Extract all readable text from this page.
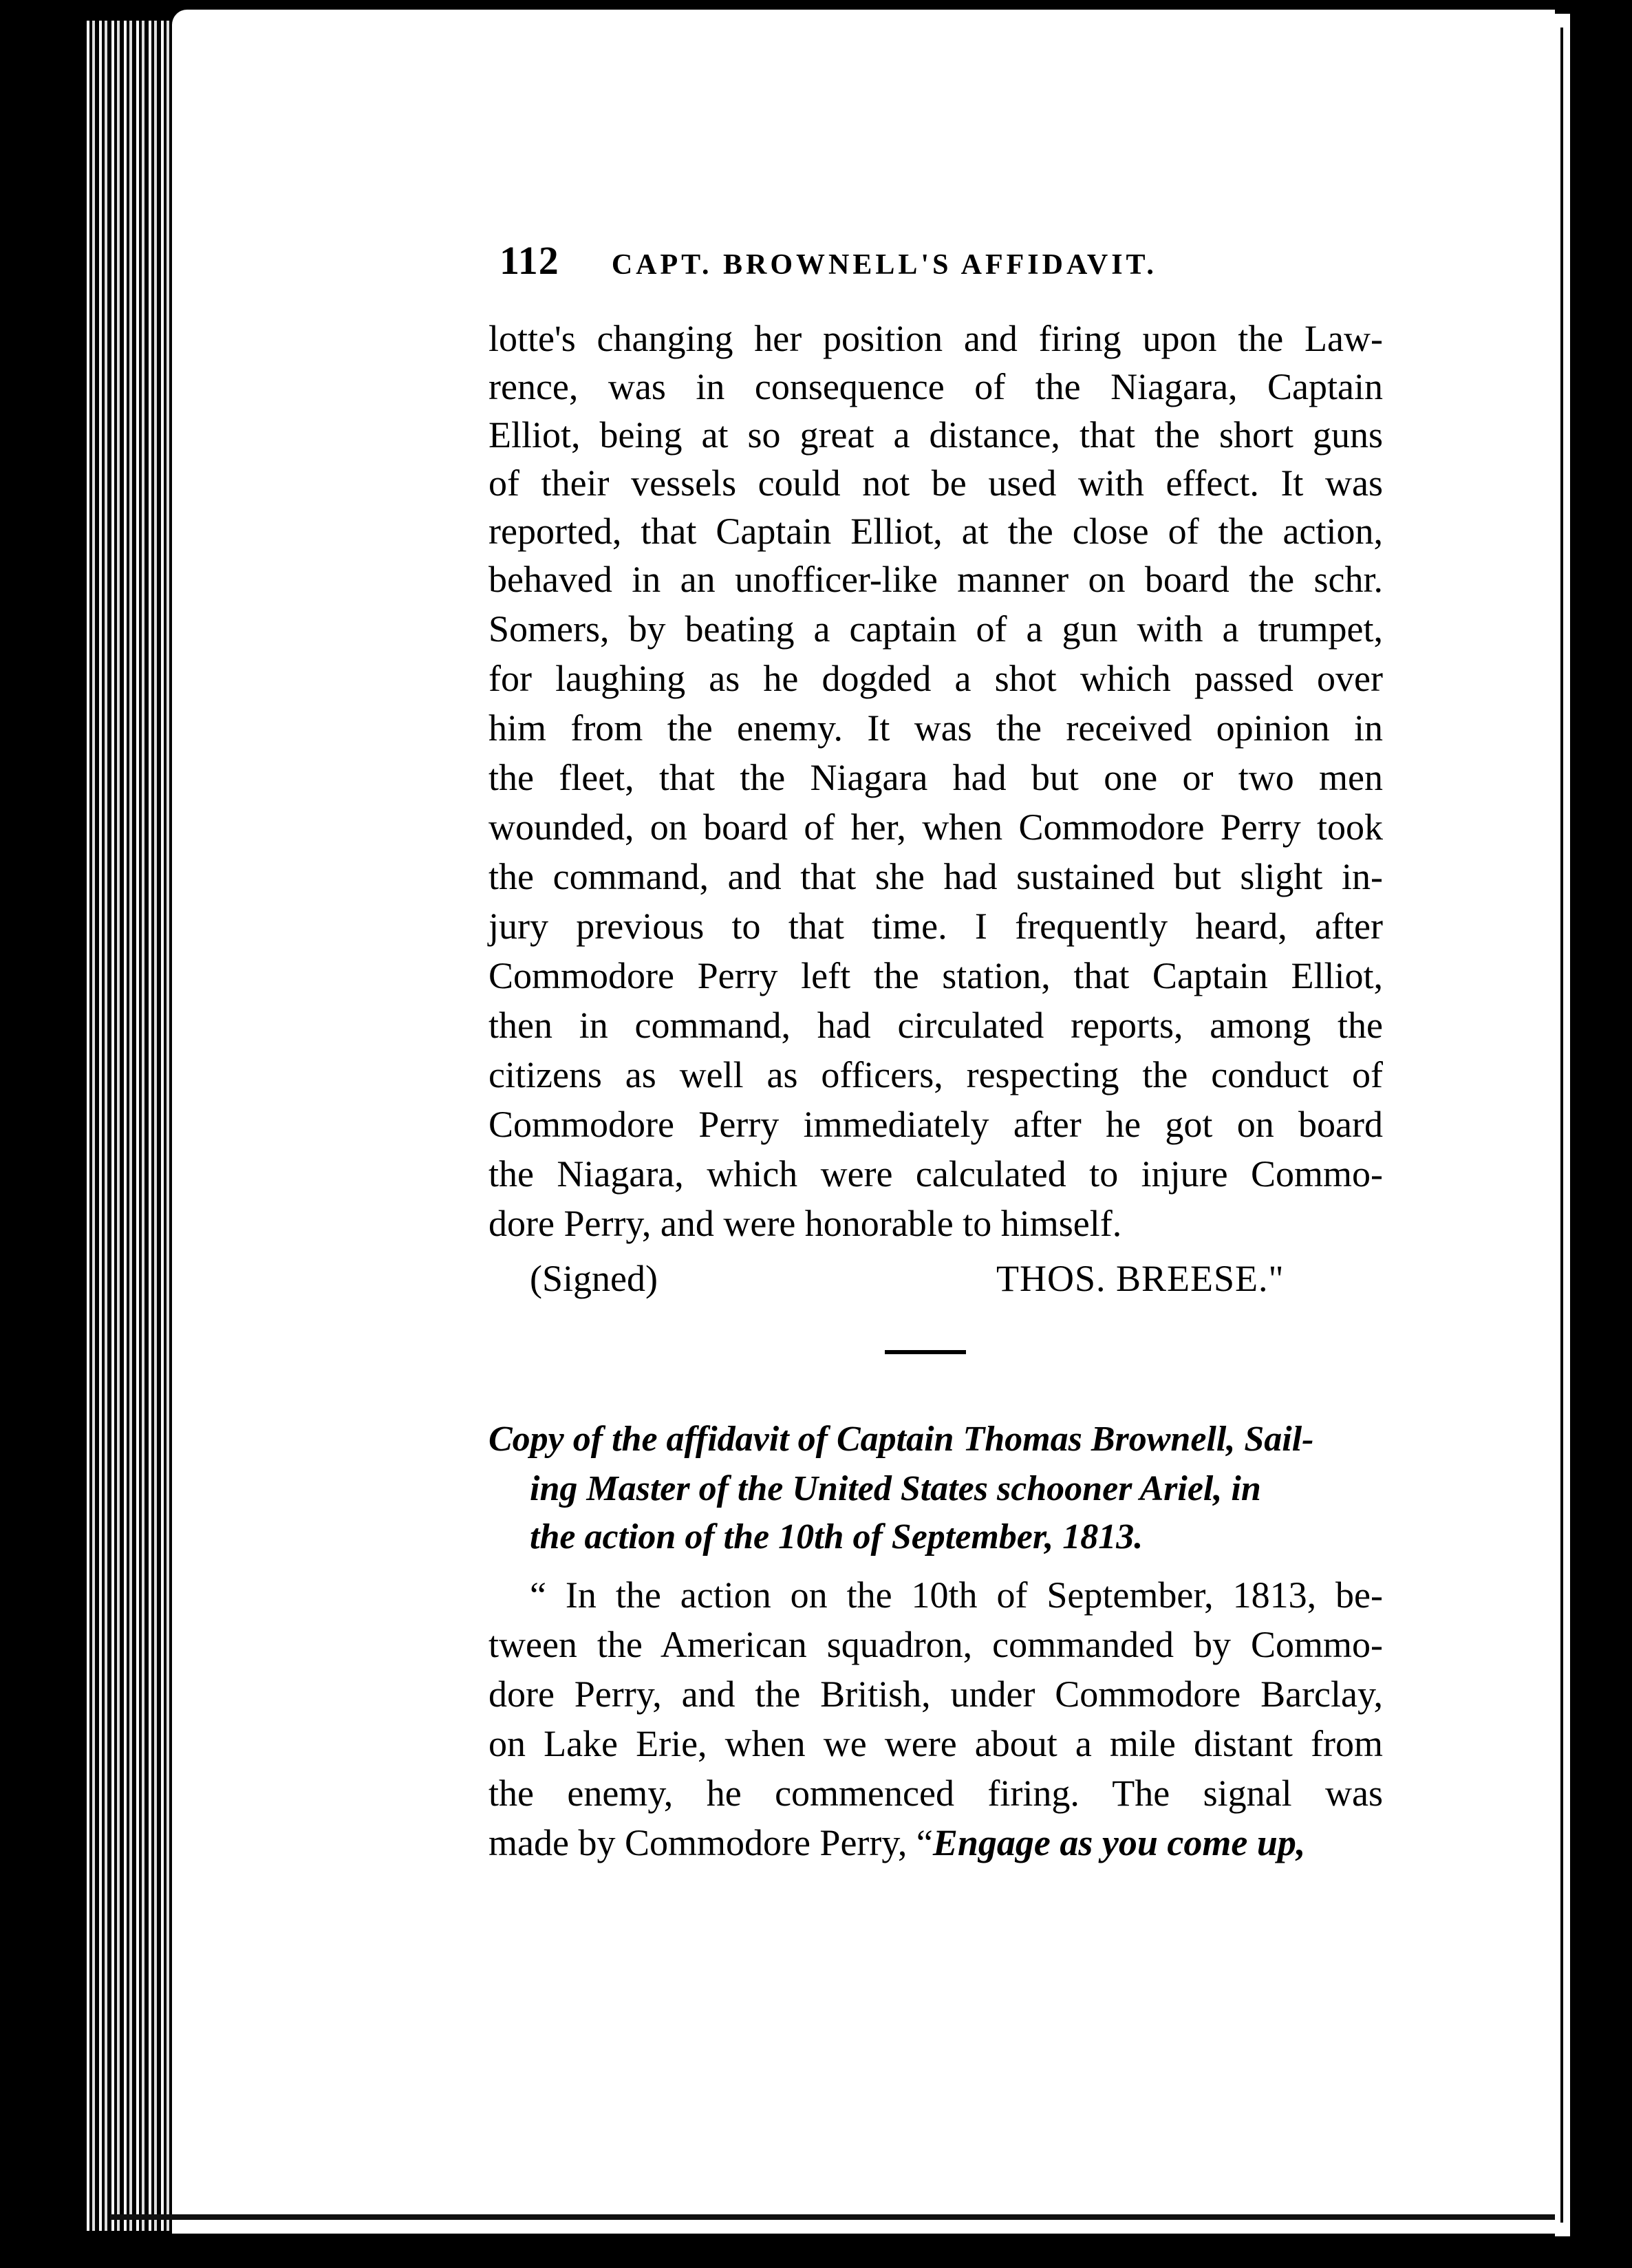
112 CAPT. BROWNELL'S AFFIDAVIT.
lotte's changing her position and firing upon the Law-
rence, was in consequence of the Niagara, Captain
Elliot, being at so great a distance, that the short guns
of their vessels could not be used with effect. It was
reported, that Captain Elliot, at the close of the action,
behaved in an unofficer-like manner on board the schr.
Somers, by beating a captain of a gun with a trumpet,
for laughing as he dogded a shot which passed over
him from the enemy. It was the received opinion in
the fleet, that the Niagara had but one or two men
wounded, on board of her, when Commodore Perry took
the command, and that she had sustained but slight in-
jury previous to that time. I frequently heard, after
Commodore Perry left the station, that Captain Elliot,
then in command, had circulated reports, among the
citizens as well as officers, respecting the conduct of
Commodore Perry immediately after he got on board
the Niagara, which were calculated to injure Commo-
dore Perry, and were honorable to himself.
(Signed)	THOS. BREESE."
Copy of the affidavit of Captain Thomas Brownell, Sail-
ing Master of the United States schooner Ariel, in
the action of the 10th of September, 1813.
“ In the action on the 10th of September, 1813, be-
tween the American squadron, commanded by Commo-
dore Perry, and the British, under Commodore Barclay,
on Lake Erie, when we were about a mile distant from
the enemy, he commenced firing. The signal was
made by Commodore Perry, “Engage as you come up,
